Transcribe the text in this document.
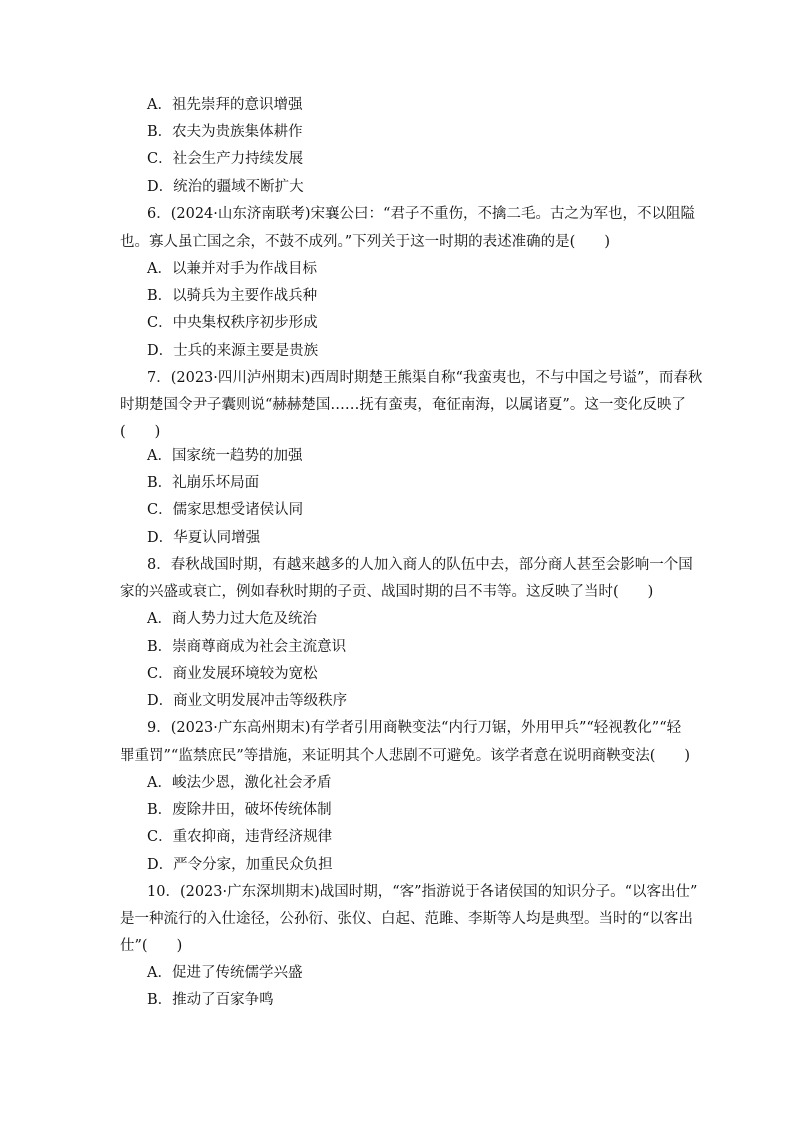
A．祖先崇拜的意识增强
B．农夫为贵族集体耕作
C．社会生产力持续发展
D．统治的疆域不断扩大
6．(2024·山东济南联考)宋襄公曰：“君子不重伤，不擒二毛。古之为军也，不以阻隘
也。寡人虽亡国之余，不鼓不成列。”下列关于这一时期的表述准确的是(　　)
A．以兼并对手为作战目标
B．以骑兵为主要作战兵种
C．中央集权秩序初步形成
D．士兵的来源主要是贵族
7．(2023·四川泸州期末)西周时期楚王熊渠自称“我蛮夷也，不与中国之号谥”，而春秋
时期楚国令尹子囊则说“赫赫楚国……抚有蛮夷，奄征南海，以属诸夏”。这一变化反映了
(　　)
A．国家统一趋势的加强
B．礼崩乐坏局面
C．儒家思想受诸侯认同
D．华夏认同增强
8．春秋战国时期，有越来越多的人加入商人的队伍中去，部分商人甚至会影响一个国
家的兴盛或衰亡，例如春秋时期的子贡、战国时期的吕不韦等。这反映了当时(　　)
A．商人势力过大危及统治
B．崇商尊商成为社会主流意识
C．商业发展环境较为宽松
D．商业文明发展冲击等级秩序
9．(2023·广东高州期末)有学者引用商鞅变法“内行刀锯，外用甲兵”“轻视教化”“轻
罪重罚”“监禁庶民”等措施，来证明其个人悲剧不可避免。该学者意在说明商鞅变法(　　)
A．峻法少恩，激化社会矛盾
B．废除井田，破坏传统体制
C．重农抑商，违背经济规律
D．严令分家，加重民众负担
10．(2023·广东深圳期末)战国时期，“客”指游说于各诸侯国的知识分子。“以客出仕”
是一种流行的入仕途径，公孙衍、张仪、白起、范雎、李斯等人均是典型。当时的“以客出
仕”(　　)
A．促进了传统儒学兴盛
B．推动了百家争鸣
